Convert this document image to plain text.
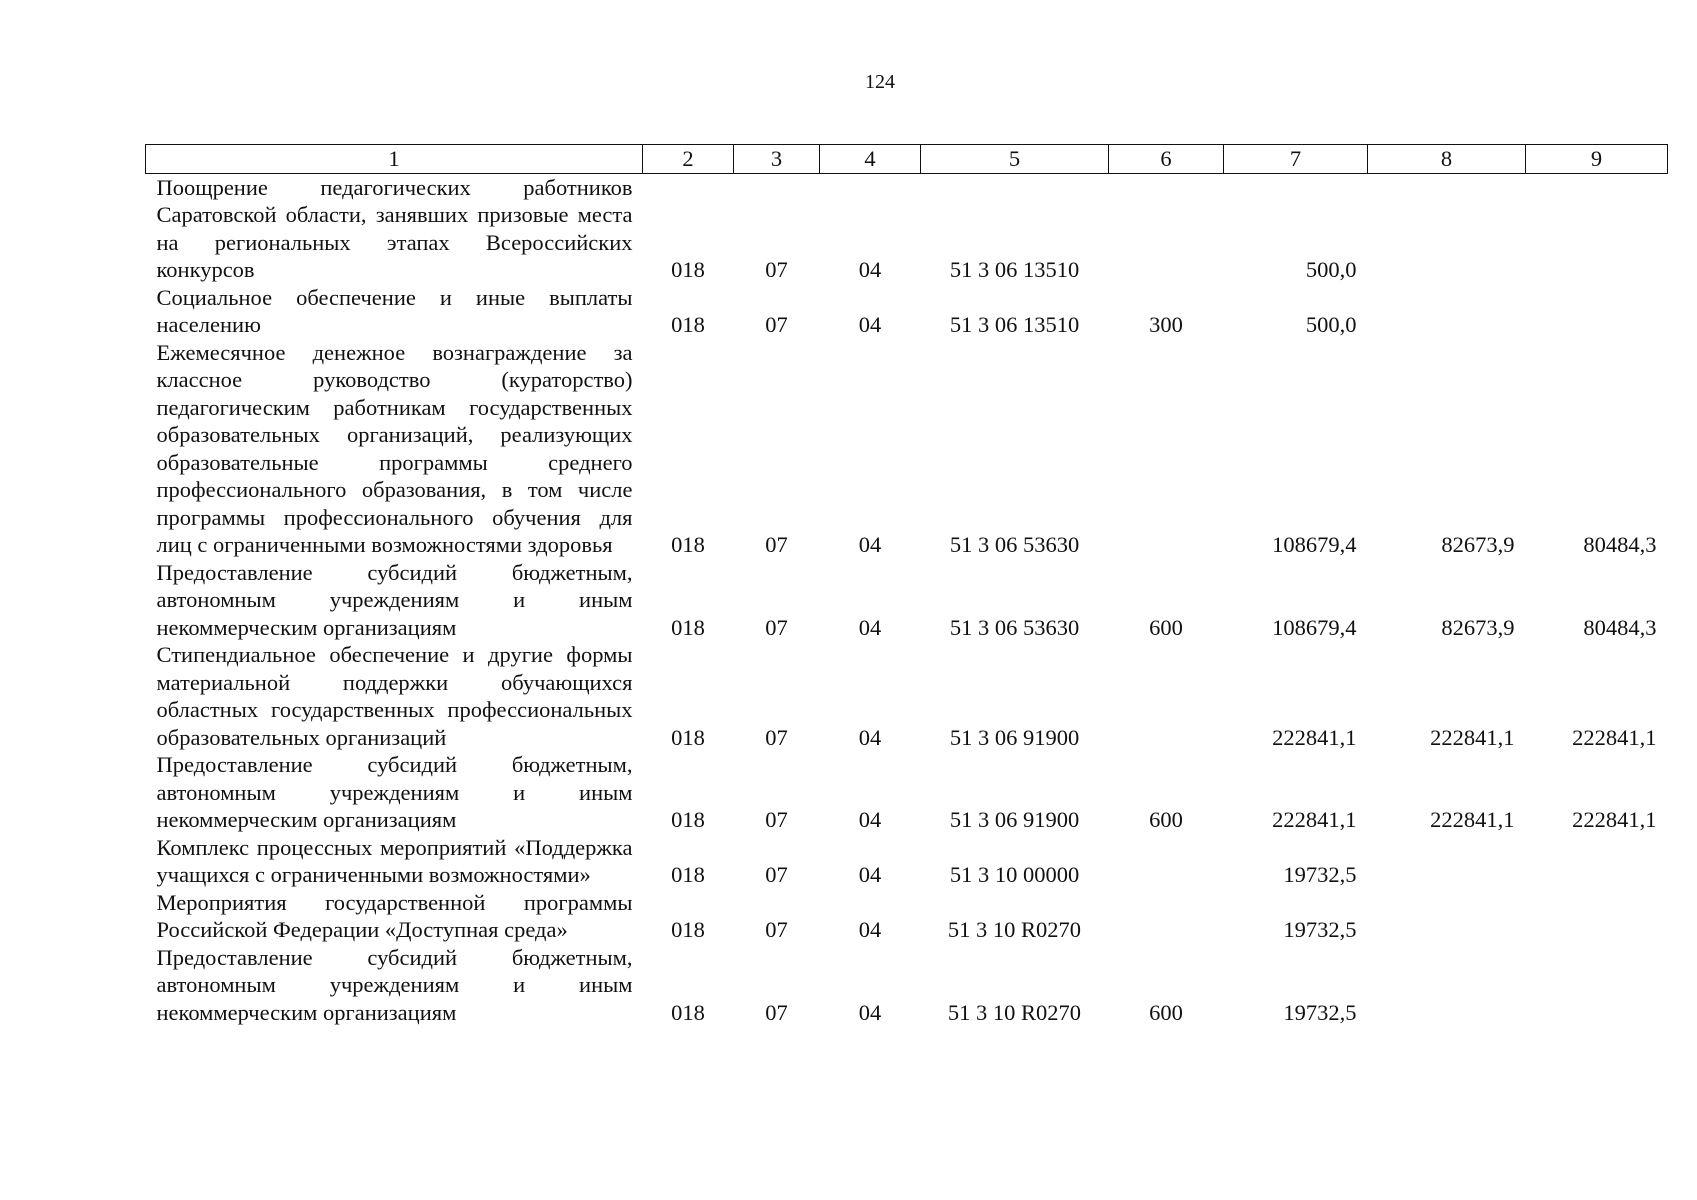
124
1	2	3	4	5	6	7	8	9
Поощрение педагогических работников Саратовской области, занявших призовые места на региональных этапах Всероссийских конкурсов	018	07	04	51 3 06 13510		500,0		
Социальное обеспечение и иные выплаты населению	018	07	04	51 3 06 13510	300	500,0		
Ежемесячное денежное вознаграждение за классное руководство (кураторство) педагогическим работникам государственных образовательных организаций, реализующих образовательные программы среднего профессионального образования, в том числе программы профессионального обучения для лиц с ограниченными возможностями здоровья	018	07	04	51 3 06 53630		108679,4	82673,9	80484,3
Предоставление субсидий бюджетным, автономным учреждениям и иным некоммерческим организациям	018	07	04	51 3 06 53630	600	108679,4	82673,9	80484,3
Стипендиальное обеспечение и другие формы материальной поддержки обучающихся областных государственных профессиональных образовательных организаций	018	07	04	51 3 06 91900		222841,1	222841,1	222841,1
Предоставление субсидий бюджетным, автономным учреждениям и иным некоммерческим организациям	018	07	04	51 3 06 91900	600	222841,1	222841,1	222841,1
Комплекс процессных мероприятий «Поддержка учащихся с ограниченными возможностями»	018	07	04	51 3 10 00000		19732,5		
Мероприятия государственной программы Российской Федерации «Доступная среда»	018	07	04	51 3 10 R0270		19732,5		
Предоставление субсидий бюджетным, автономным учреждениям и иным некоммерческим организациям	018	07	04	51 3 10 R0270	600	19732,5		
